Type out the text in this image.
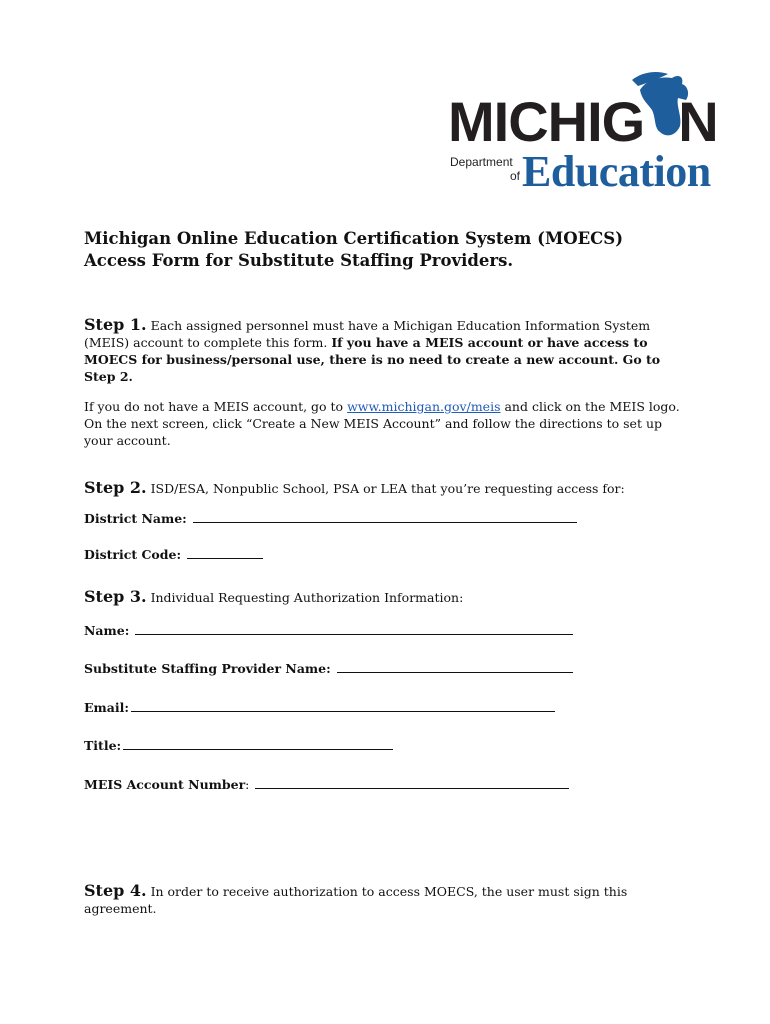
MICHIG N
Department
of Education
Michigan Online Education Certification System (MOECS)
Access Form for Substitute Staffing Providers.
Step 1. Each assigned personnel must have a Michigan Education Information System (MEIS) account to complete this form. If you have a MEIS account or have access to MOECS for business/personal use, there is no need to create a new account. Go to Step 2.
If you do not have a MEIS account, go to www.michigan.gov/meis and click on the MEIS logo. On the next screen, click “Create a New MEIS Account” and follow the directions to set up your account.
Step 2. ISD/ESA, Nonpublic School, PSA or LEA that you’re requesting access for:
District Name:
District Code:
Step 3. Individual Requesting Authorization Information:
Name:
Substitute Staffing Provider Name:
Email:
Title:
MEIS Account Number:
Step 4. In order to receive authorization to access MOECS, the user must sign this agreement.
